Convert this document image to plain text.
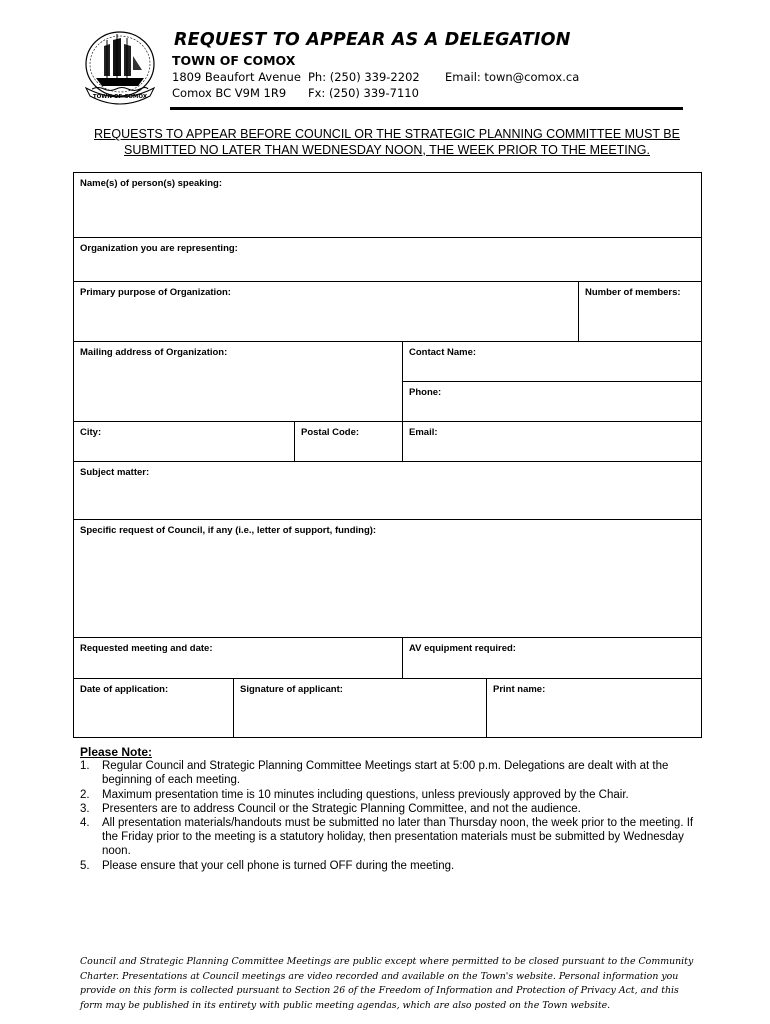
TOWN OF COMOX
REQUEST TO APPEAR AS A DELEGATION
TOWN OF COMOX
1809 Beaufort Avenue
Comox BC V9M 1R9
Ph: (250) 339-2202
Fx: (250) 339-7110
Email: town@comox.ca
REQUESTS TO APPEAR BEFORE COUNCIL OR THE STRATEGIC PLANNING COMMITTEE MUST BE SUBMITTED NO LATER THAN WEDNESDAY NOON, THE WEEK PRIOR TO THE MEETING.
Name(s) of person(s) speaking:
Organization you are representing:
Primary purpose of Organization:	Number of members:
Mailing address of Organization:	Contact Name:
Phone:
City:	Postal Code:	Email:
Subject matter:
Specific request of Council, if any (i.e., letter of support, funding):
Requested meeting and date:	AV equipment required:
Date of application:	Signature of applicant:	Print name:
Please Note:
1. Regular Council and Strategic Planning Committee Meetings start at 5:00 p.m. Delegations are dealt with at the beginning of each meeting.
2. Maximum presentation time is 10 minutes including questions, unless previously approved by the Chair.
3. Presenters are to address Council or the Strategic Planning Committee, and not the audience.
4. All presentation materials/handouts must be submitted no later than Thursday noon, the week prior to the meeting. If the Friday prior to the meeting is a statutory holiday, then presentation materials must be submitted by Wednesday noon.
5. Please ensure that your cell phone is turned OFF during the meeting.
Council and Strategic Planning Committee Meetings are public except where permitted to be closed pursuant to the Community Charter. Presentations at Council meetings are video recorded and available on the Town's website. Personal information you provide on this form is collected pursuant to Section 26 of the Freedom of Information and Protection of Privacy Act, and this form may be published in its entirety with public meeting agendas, which are also posted on the Town website.
